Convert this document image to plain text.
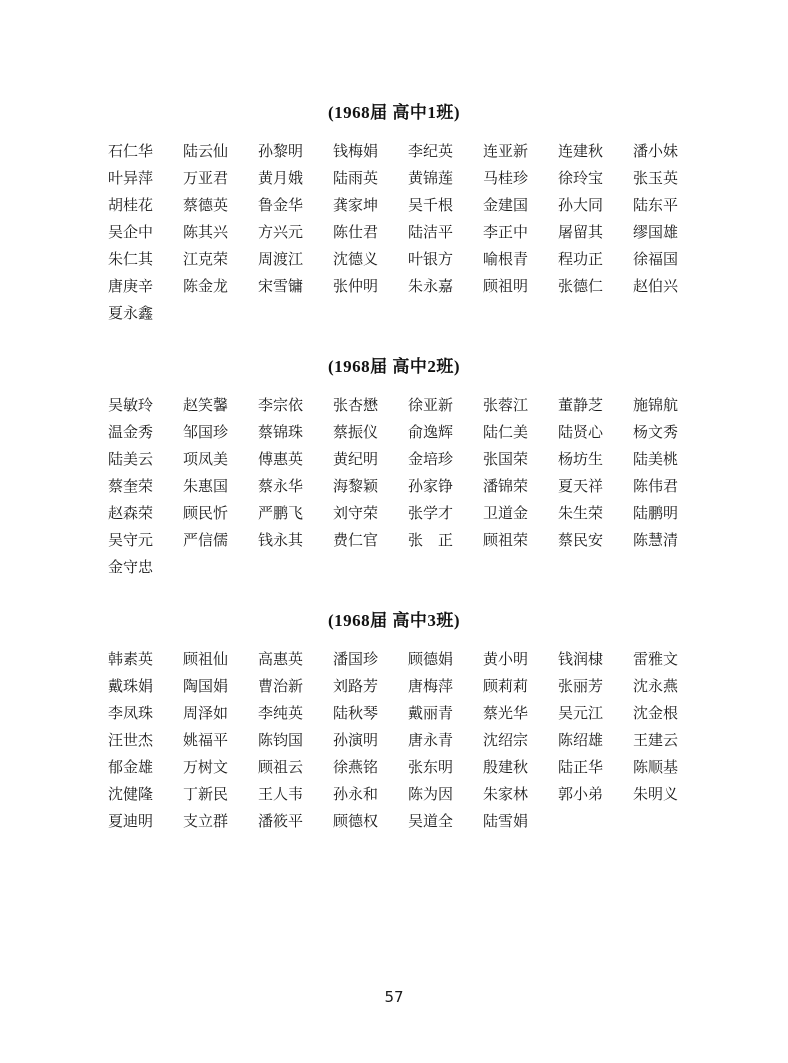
(1968届 高中1班)
石仁华	陆云仙	孙黎明	钱梅娟	李纪英	连亚新	连建秋	潘小妹
叶异萍	万亚君	黄月娥	陆雨英	黄锦莲	马桂珍	徐玲宝	张玉英
胡桂花	蔡德英	鲁金华	龚家坤	吴千根	金建国	孙大同	陆东平
吴企中	陈其兴	方兴元	陈仕君	陆洁平	李正中	屠留其	缪国雄
朱仁其	江克荣	周渡江	沈德义	叶银方	喻根青	程功正	徐福国
唐庚辛	陈金龙	宋雪镛	张仲明	朱永嘉	顾祖明	张德仁	赵伯兴
夏永鑫
(1968届 高中2班)
吴敏玲	赵笑馨	李宗依	张杏懋	徐亚新	张蓉江	董静芝	施锦航
温金秀	邹国珍	蔡锦珠	蔡振仪	俞逸辉	陆仁美	陆贤心	杨文秀
陆美云	项凤美	傅惠英	黄纪明	金培珍	张国荣	杨坊生	陆美桃
蔡奎荣	朱惠国	蔡永华	海黎颖	孙家铮	潘锦荣	夏天祥	陈伟君
赵森荣	顾民忻	严鹏飞	刘守荣	张学才	卫道金	朱生荣	陆鹏明
吴守元	严信儒	钱永其	费仁官	张　正	顾祖荣	蔡民安	陈慧清
金守忠
(1968届 高中3班)
韩素英	顾祖仙	高惠英	潘国珍	顾德娟	黄小明	钱润棣	雷雅文
戴珠娟	陶国娟	曹治新	刘路芳	唐梅萍	顾莉莉	张丽芳	沈永燕
李凤珠	周泽如	李纯英	陆秋琴	戴丽青	蔡光华	吴元江	沈金根
汪世杰	姚福平	陈钧国	孙演明	唐永青	沈绍宗	陈绍雄	王建云
郁金雄	万树文	顾祖云	徐燕铭	张东明	殷建秋	陆正华	陈顺基
沈健隆	丁新民	王人韦	孙永和	陈为因	朱家林	郭小弟	朱明义
夏迪明	支立群	潘筱平	顾德权	吴道全	陆雪娟
57
